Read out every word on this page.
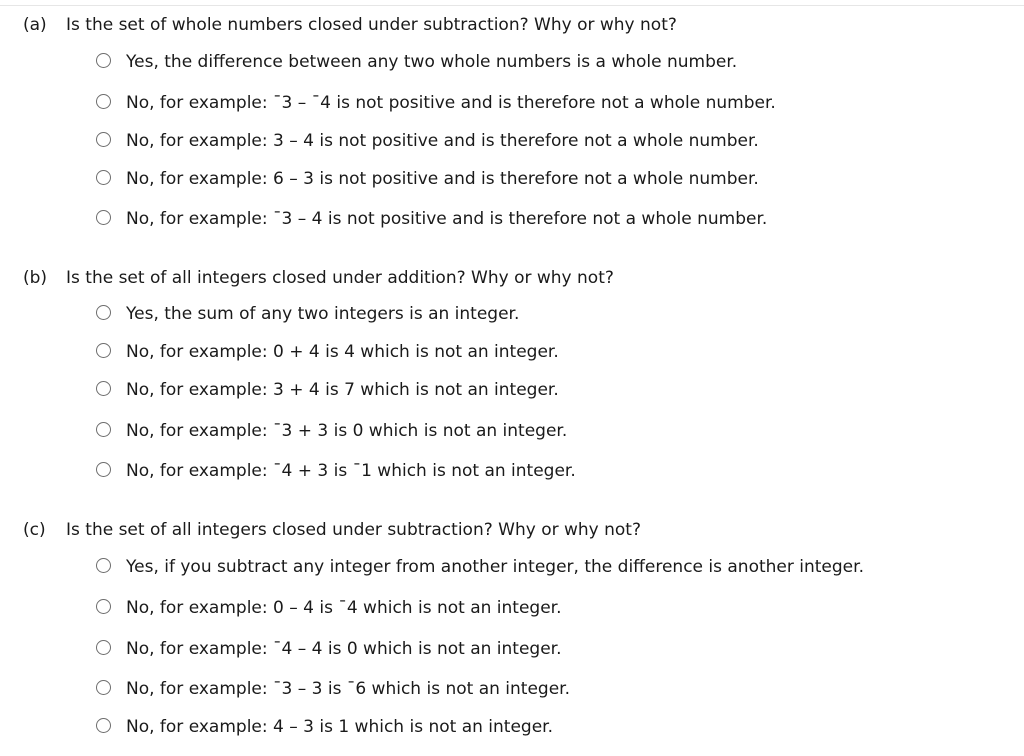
(a) Is the set of whole numbers closed under subtraction? Why or why not?
Yes, the difference between any two whole numbers is a whole number.
No, for example: ¯3 – ¯4 is not positive and is therefore not a whole number.
No, for example: 3 – 4 is not positive and is therefore not a whole number.
No, for example: 6 – 3 is not positive and is therefore not a whole number.
No, for example: ¯3 – 4 is not positive and is therefore not a whole number.
(b) Is the set of all integers closed under addition? Why or why not?
Yes, the sum of any two integers is an integer.
No, for example: 0 + 4 is 4 which is not an integer.
No, for example: 3 + 4 is 7 which is not an integer.
No, for example: ¯3 + 3 is 0 which is not an integer.
No, for example: ¯4 + 3 is ¯1 which is not an integer.
(c) Is the set of all integers closed under subtraction? Why or why not?
Yes, if you subtract any integer from another integer, the difference is another integer.
No, for example: 0 – 4 is ¯4 which is not an integer.
No, for example: ¯4 – 4 is 0 which is not an integer.
No, for example: ¯3 – 3 is ¯6 which is not an integer.
No, for example: 4 – 3 is 1 which is not an integer.
